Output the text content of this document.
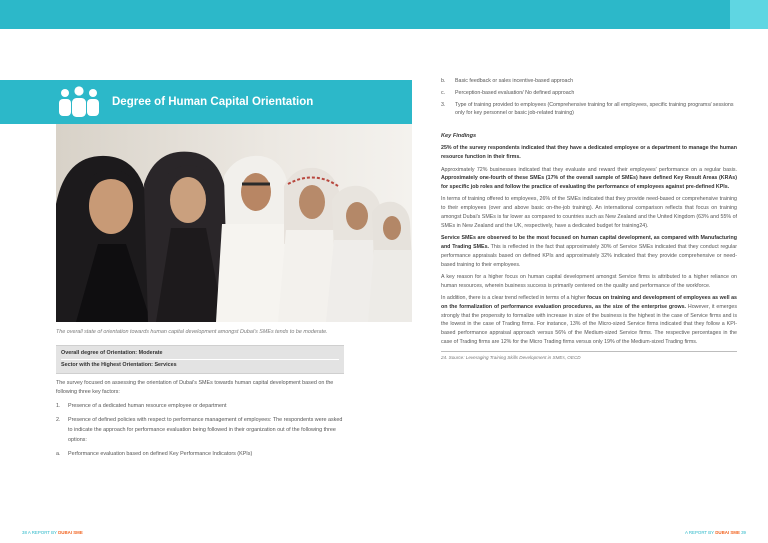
Degree of Human Capital Orientation

The overall state of orientation towards human capital development amongst Dubai's SMEs tends to be moderate.

Overall degree of Orientation: Moderate

Sector with the Highest Orientation: Services

The survey focused on assessing the orientation of Dubai's SMEs towards human capital development based on the following three key factors:

1. Presence of a dedicated human resource employee or department
2. Presence of defined policies with respect to performance management of employees: The respondents were asked to indicate the approach for performance evaluation being followed in their organization out of the following three options:
a. Performance evaluation based on defined Key Performance Indicators (KPIs)
b. Basic feedback or sales incentive-based approach
c. Perception-based evaluation/ No defined approach
3. Type of training provided to employees (Comprehensive training for all employees, specific training programs/ sessions only for key personnel or basic job-related training)

Key Findings

25% of the survey respondents indicated that they have a dedicated employee or a department to manage the human resource function in their firms.

Approximately 72% businesses indicated that they evaluate and reward their employees' performance on a regular basis. Approximately one-fourth of these SMEs (17% of the overall sample of SMEs) have defined Key Result Areas (KRAs) for specific job roles and follow the practice of evaluating the performance of employees against pre-defined KPIs.

In terms of training offered to employees, 26% of the SMEs indicated that they provide need-based or comprehensive training to their employees (over and above basic on-the-job training). An international comparison reflects that focus on training amongst Dubai's SMEs is far lower as compared to countries such as New Zealand and the United Kingdom (63% and 55% of SMEs in New Zealand and the UK, respectively, have a dedicated budget for training24).

Service SMEs are observed to be the most focused on human capital development, as compared with Manufacturing and Trading SMEs. This is reflected in the fact that approximately 30% of Service SMEs indicated that they conduct regular performance appraisals based on defined KPIs and approximately 32% indicated that they provide comprehensive or need-based training to their employees.

A key reason for a higher focus on human capital development amongst Service firms is attributed to a higher reliance on human resources, wherein business success is primarily centered on the quality and performance of the workforce.

In addition, there is a clear trend reflected in terms of a higher focus on training and development of employees as well as on the formalization of performance evaluation procedures, as the size of the enterprise grows. However, it emerges strongly that the propensity to formalize with increase in size of the business is the highest in the case of Service firms and is the lowest in the case of Trading firms. For instance, 13% of the Micro-sized Service firms indicated that they follow a KPI-based performance appraisal approach versus 56% of the Medium-sized Service firms. The respective percentages in the case of Trading firms are 12% for the Micro Trading firms versus only 19% of the Medium-sized Trading firms.

24. Source: Leveraging Training Skills Development in SMEs, OECD

38 A REPORT BY DUBAI SME	A REPORT BY DUBAI SME 39
